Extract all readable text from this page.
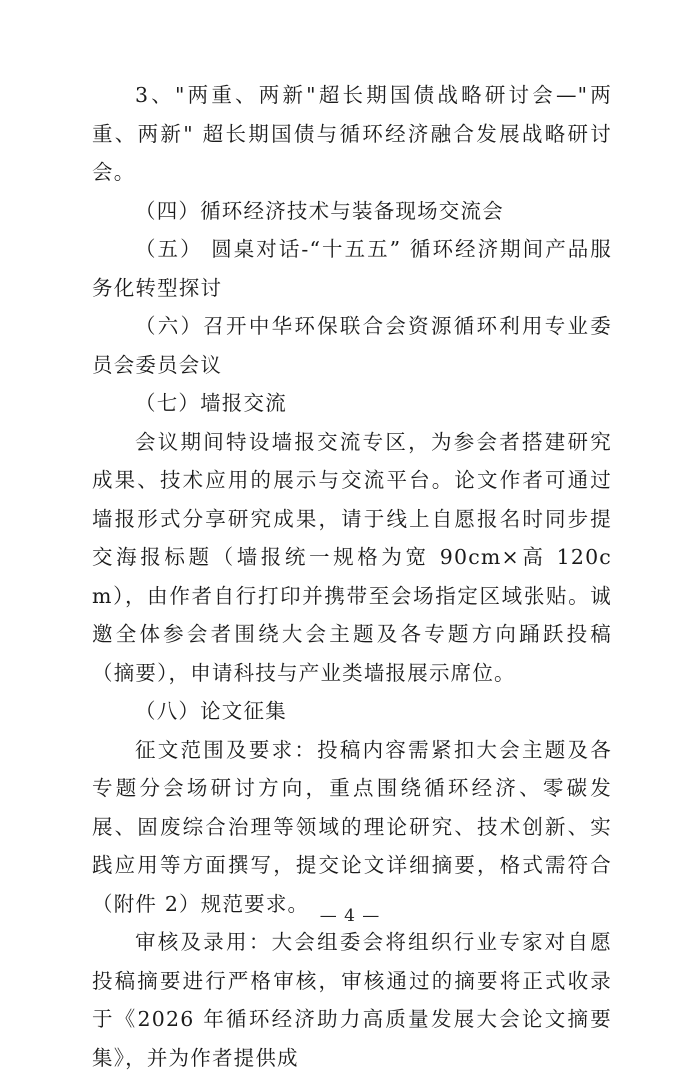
3、"两重、两新"超长期国债战略研讨会—"两重、两新" 超长期国债与循环经济融合发展战略研讨会。

（四）循环经济技术与装备现场交流会

（五） 圆桌对话-“十五五” 循环经济期间产品服务化转型探讨

（六）召开中华环保联合会资源循环利用专业委员会委员会议

（七）墙报交流

会议期间特设墙报交流专区，为参会者搭建研究成果、技术应用的展示与交流平台。论文作者可通过墙报形式分享研究成果，请于线上自愿报名时同步提交海报标题（墙报统一规格为宽 90cm×高 120cm），由作者自行打印并携带至会场指定区域张贴。诚邀全体参会者围绕大会主题及各专题方向踊跃投稿（摘要），申请科技与产业类墙报展示席位。

（八）论文征集

征文范围及要求：投稿内容需紧扣大会主题及各专题分会场研讨方向，重点围绕循环经济、零碳发展、固废综合治理等领域的理论研究、技术创新、实践应用等方面撰写，提交论文详细摘要，格式需符合（附件 2）规范要求。

审核及录用：大会组委会将组织行业专家对自愿投稿摘要进行严格审核，审核通过的摘要将正式收录于《2026 年循环经济助力高质量发展大会论文摘要集》，并为作者提供成

— 4 —
